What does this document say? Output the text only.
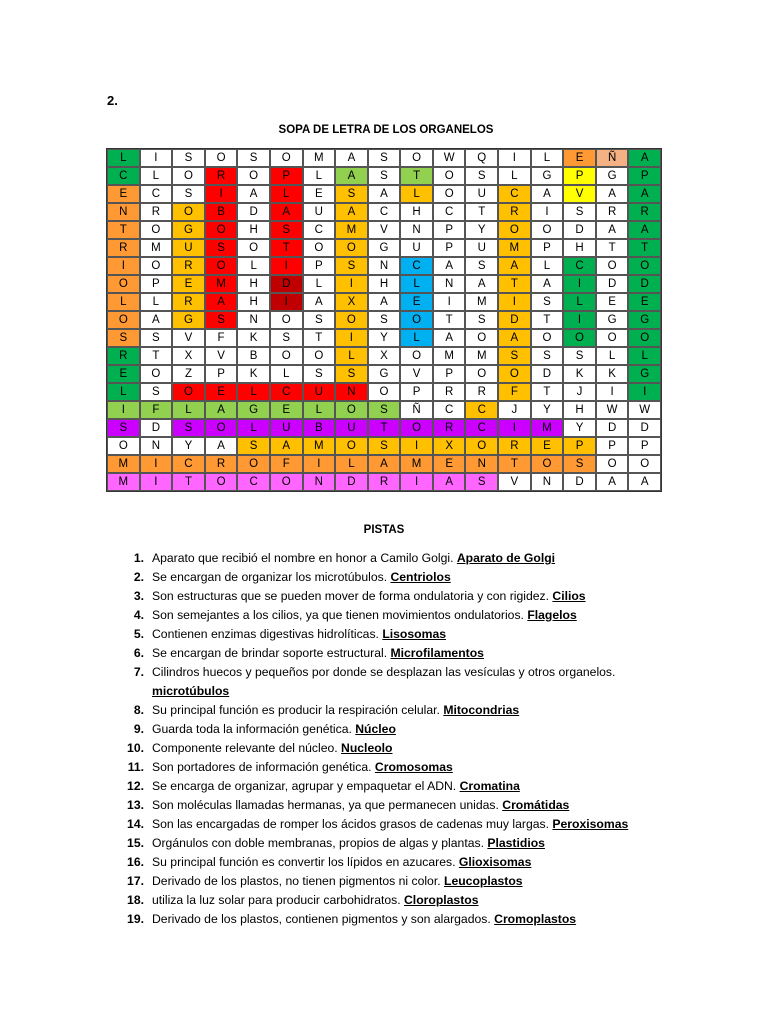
2.
SOPA DE LETRA DE LOS ORGANELOS
L	I	S	O	S	O	M	A	S	O	W	Q	I	L	E	Ñ	A
C	L	O	R	O	P	L	A	S	T	O	S	L	G	P	G	P
E	C	S	I	A	L	E	S	A	L	O	U	C	A	V	A	A
N	R	O	B	D	A	U	A	C	H	C	T	R	I	S	R	R
T	O	G	O	H	S	C	M	V	N	P	Y	O	O	D	A	A
R	M	U	S	O	T	O	O	G	U	P	U	M	P	H	T	T
I	O	R	O	L	I	P	S	N	C	A	S	A	L	C	O	O
O	P	E	M	H	D	L	I	H	L	N	A	T	A	I	D	D
L	L	R	A	H	I	A	X	A	E	I	M	I	S	L	E	E
O	A	G	S	N	O	S	O	S	O	T	S	D	T	I	G	G
S	S	V	F	K	S	T	I	Y	L	A	O	A	O	O	O	O
R	T	X	V	B	O	O	L	X	O	M	M	S	S	S	L	L
E	O	Z	P	K	L	S	S	G	V	P	O	O	D	K	K	G
L	S	O	E	L	C	U	N	O	P	R	R	F	T	J	I	I
I	F	L	A	G	E	L	O	S	Ñ	C	C	J	Y	H	W	W
S	D	S	O	L	U	B	U	T	O	R	C	I	M	Y	D	D
O	N	Y	A	S	A	M	O	S	I	X	O	R	E	P	P	P
M	I	C	R	O	F	I	L	A	M	E	N	T	O	S	O	O
M	I	T	O	C	O	N	D	R	I	A	S	V	N	D	A	A
PISTAS
1. Aparato que recibió el nombre en honor a Camilo Golgi. Aparato de Golgi
2. Se encargan de organizar los microtúbulos. Centriolos
3. Son estructuras que se pueden mover de forma ondulatoria y con rigidez. Cilios
4. Son semejantes a los cilios, ya que tienen movimientos ondulatorios. Flagelos
5. Contienen enzimas digestivas hidrolíticas. Lisosomas
6. Se encargan de brindar soporte estructural. Microfilamentos
7. Cilindros huecos y pequeños por donde se desplazan las vesículas y otros organelos.
microtúbulos
8. Su principal función es producir la respiración celular. Mitocondrias
9. Guarda toda la información genética. Núcleo
10. Componente relevante del núcleo. Nucleolo
11. Son portadores de información genética. Cromosomas
12. Se encarga de organizar, agrupar y empaquetar el ADN. Cromatina
13. Son moléculas llamadas hermanas, ya que permanecen unidas. Cromátidas
14. Son las encargadas de romper los ácidos grasos de cadenas muy largas. Peroxisomas
15. Orgánulos con doble membranas, propios de algas y plantas. Plastidios
16. Su principal función es convertir los lípidos en azucares. Glioxisomas
17. Derivado de los plastos, no tienen pigmentos ni color. Leucoplastos
18. utiliza la luz solar para producir carbohidratos. Cloroplastos
19. Derivado de los plastos, contienen pigmentos y son alargados. Cromoplastos
